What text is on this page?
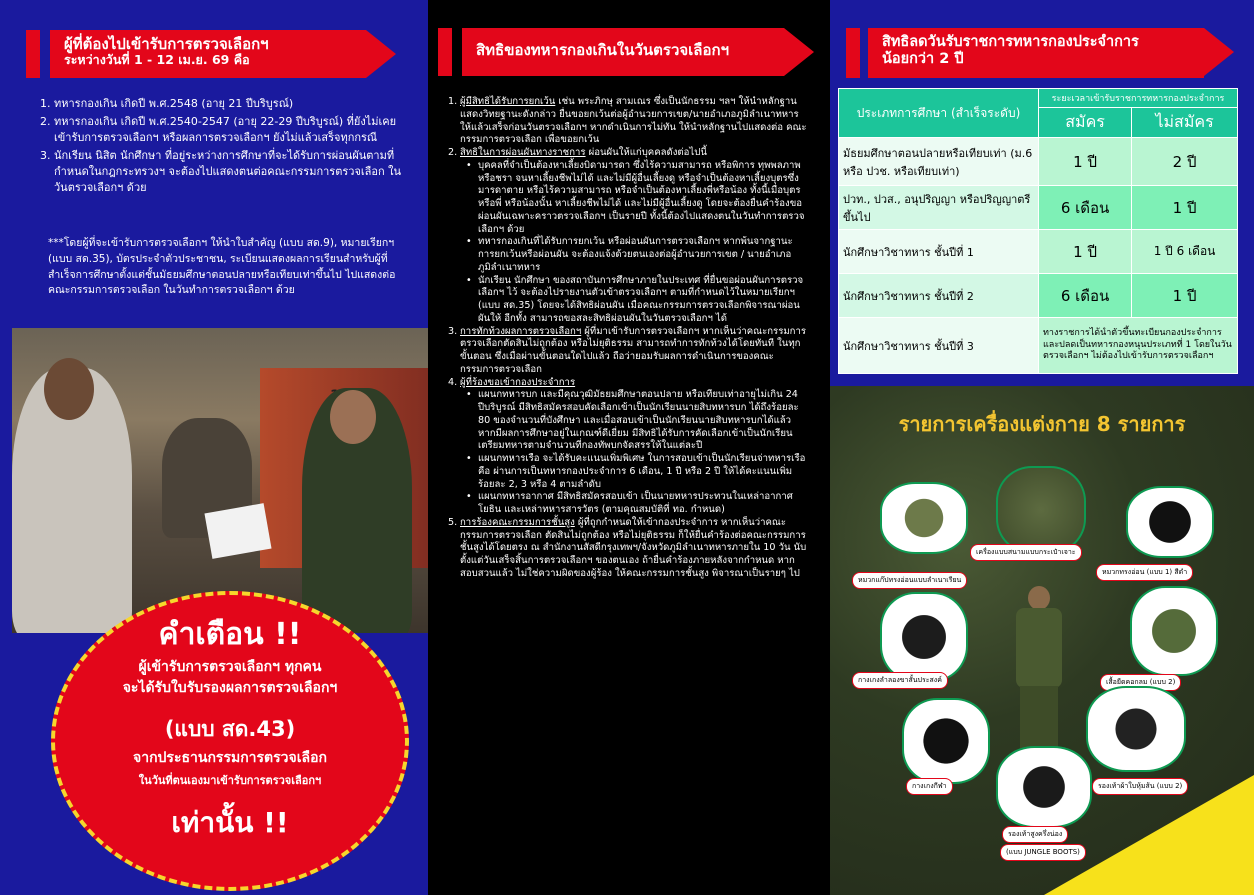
ผู้ที่ต้องไปเข้ารับการตรวจเลือกฯ
ระหว่างวันที่ 1 - 12 เม.ย. 69 คือ
1. ทหารกองเกิน เกิดปี พ.ศ.2548 (อายุ 21 ปีบริบูรณ์)
2. ทหารกองเกิน เกิดปี พ.ศ.2540-2547 (อายุ 22-29 ปีบริบูรณ์) ที่ยังไม่เคยเข้ารับการตรวจเลือกฯ หรือผลการตรวจเลือกฯ ยังไม่แล้วเสร็จทุกกรณี
3. นักเรียน นิสิต นักศึกษา ที่อยู่ระหว่างการศึกษาที่จะได้รับการผ่อนผันตามที่กำหนดในกฎกระทรวงฯ จะต้องไปแสดงตนต่อคณะกรรมการตรวจเลือก ในวันตรวจเลือกฯ ด้วย
***โดยผู้ที่จะเข้ารับการตรวจเลือกฯ ให้นำใบสำคัญ (แบบ สด.9), หมายเรียกฯ (แบบ สด.35), บัตรประจำตัวประชาชน, ระเบียนแสดงผลการเรียนสำหรับผู้ที่สำเร็จการศึกษาตั้งแต่ชั้นมัธยมศึกษาตอนปลายหรือเทียบเท่าขึ้นไป ไปแสดงต่อคณะกรรมการตรวจเลือก ในวันทำการตรวจเลือกฯ ด้วย
คำเตือน !!
ผู้เข้ารับการตรวจเลือกฯ ทุกคน
จะได้รับใบรับรองผลการตรวจเลือกฯ
(แบบ สด.43)
จากประธานกรรมการตรวจเลือก
ในวันที่ตนเองมาเข้ารับการตรวจเลือกฯ
เท่านั้น !!
สิทธิของทหารกองเกินในวันตรวจเลือกฯ
1. ผู้มีสิทธิได้รับการยกเว้น เช่น พระภิกษุ สามเณร ซึ่งเป็นนักธรรม ฯลฯ ให้นำหลักฐานแสดงวิทยฐานะดังกล่าว ยื่นขอยกเว้นต่อผู้อำนวยการเขต/นายอำเภอภูมิลำเนาทหาร ให้แล้วเสร็จก่อนวันตรวจเลือกฯ หากดำเนินการไม่ทัน ให้นำหลักฐานไปแสดงต่อ คณะกรรมการตรวจเลือก เพื่อขอยกเว้น
2. สิทธิในการผ่อนผันทางราชการ ผ่อนผันให้แก่บุคคลดังต่อไปนี้
• บุคคลที่จำเป็นต้องหาเลี้ยงบิดามารดา ซึ่งไร้ความสามารถ หรือพิการ ทุพพลภาพ หรือชรา จนหาเลี้ยงชีพไม่ได้ และไม่มีผู้อื่นเลี้ยงดู หรือจำเป็นต้องหาเลี้ยงบุตรซึ่งมารดาตาย หรือไร้ความสามารถ หรือจำเป็นต้องหาเลี้ยงพี่หรือน้อง ทั้งนี้เมื่อบุตร หรือพี่ หรือน้องนั้น หาเลี้ยงชีพไม่ได้ และไม่มีผู้อื่นเลี้ยงดู โดยจะต้องยื่นคำร้องขอผ่อนผันเฉพาะคราวตรวจเลือกฯ เป็นรายปี ทั้งนี้ต้องไปแสดงตนในวันทำการตรวจเลือกฯ ด้วย
• ทหารกองเกินที่ได้รับการยกเว้น หรือผ่อนผันการตรวจเลือกฯ หากพ้นจากฐานะ การยกเว้นหรือผ่อนผัน จะต้องแจ้งด้วยตนเองต่อผู้อำนวยการเขต / นายอำเภอภูมิลำเนาทหาร
• นักเรียน นักศึกษา ของสถาบันการศึกษาภายในประเทศ ที่ยื่นขอผ่อนผันการตรวจเลือกฯ ไว้ จะต้องไปรายงานตัวเข้าตรวจเลือกฯ ตามที่กำหนดไว้ในหมายเรียกฯ (แบบ สด.35) โดยจะได้สิทธิผ่อนผัน เมื่อคณะกรรมการตรวจเลือกพิจารณาผ่อนผันให้ อีกทั้ง สามารถขอสละสิทธิผ่อนผันในวันตรวจเลือกฯ ได้
3. การทักท้วงผลการตรวจเลือกฯ ผู้ที่มาเข้ารับการตรวจเลือกฯ หากเห็นว่าคณะกรรมการตรวจเลือกตัดสินไม่ถูกต้อง หรือไม่ยุติธรรม สามารถทำการทักท้วงได้โดยทันที ในทุกขั้นตอน ซึ่งเมื่อผ่านขั้นตอนใดไปแล้ว ถือว่ายอมรับผลการดำเนินการของคณะกรรมการตรวจเลือก
4. ผู้ที่ร้องขอเข้ากองประจำการ
• แผนกทหารบก และมีคุณวุฒิมัธยมศึกษาตอนปลาย หรือเทียบเท่าอายุไม่เกิน 24 ปีบริบูรณ์ มีสิทธิสมัครสอบคัดเลือกเข้าเป็นนักเรียนนายสิบทหารบก ได้ถึงร้อยละ 80 ของจำนวนที่บังศึกษา และเมื่อสอบเข้าเป็นนักเรียนนายสิบทหารบกได้แล้ว หากมีผลการศึกษาอยู่ในเกณฑ์ดีเยี่ยม มีสิทธิได้รับการคัดเลือกเข้าเป็นนักเรียนเตรียมทหารตามจำนวนที่กองทัพบกจัดสรรให้ในแต่ละปี
• แผนกทหารเรือ จะได้รับคะแนนเพิ่มพิเศษ ในการสอบเข้าเป็นนักเรียนจ่าทหารเรือ คือ ผ่านการเป็นทหารกองประจำการ 6 เดือน, 1 ปี หรือ 2 ปี ให้ได้คะแนนเพิ่มร้อยละ 2, 3 หรือ 4 ตามลำดับ
• แผนกทหารอากาศ มีสิทธิสมัครสอบเข้า เป็นนายทหารประทวนในเหล่าอากาศโยธิน และเหล่าทหารสารวัตร (ตามคุณสมบัติที่ ทอ. กำหนด)
5. การร้องคณะกรรมการชั้นสูง ผู้ที่ถูกกำหนดให้เข้ากองประจำการ หากเห็นว่าคณะกรรมการตรวจเลือก ตัดสินไม่ถูกต้อง หรือไม่ยุติธรรม ก็ให้ยื่นคำร้องต่อคณะกรรมการชั้นสูงได้โดยตรง ณ สำนักงานสัสดีกรุงเทพฯ/จังหวัดภูมิลำเนาทหารภายใน 10 วัน นับตั้งแต่วันเสร็จสิ้นการตรวจเลือกฯ ของตนเอง ถ้ายื่นคำร้องภายหลังจากกำหนด หากสอบสวนแล้ว ไม่ใช่ความผิดของผู้ร้อง ให้คณะกรรมการชั้นสูง พิจารณาเป็นรายๆ ไป
สิทธิลดวันรับราชการทหารกองประจำการ
น้อยกว่า 2 ปี
ประเภทการศึกษา (สำเร็จระดับ)	ระยะเวลาเข้ารับราชการทหารกองประจำการ	
	สมัคร	ไม่สมัคร
มัธยมศึกษาตอนปลายหรือเทียบเท่า (ม.6 หรือ ปวช. หรือเทียบเท่า)	1 ปี	2 ปี
ปวท., ปวส., อนุปริญญา หรือปริญญาตรีขึ้นไป	6 เดือน	1 ปี
นักศึกษาวิชาทหาร ชั้นปีที่ 1	1 ปี	1 ปี 6 เดือน
นักศึกษาวิชาทหาร ชั้นปีที่ 2	6 เดือน	1 ปี
นักศึกษาวิชาทหาร ชั้นปีที่ 3	ทางราชการได้นำตัวขึ้นทะเบียนกองประจำการ และปลดเป็นทหารกองหนุนประเภทที่ 1 โดยในวันตรวจเลือกฯ ไม่ต้องไปเข้ารับการตรวจเลือกฯ	
รายการเครื่องแต่งกาย 8 รายการ
เครื่องแบบสนามแบบกระเป๋าเจาะ
หมวกแก๊ปทรงอ่อนแบบลำเนาเรียน
หมวกทรงอ่อน (แบบ 1) สีดำ
กางเกงลำลองขาสั้นประสงค์	เสื้อยืดคอกลม (แบบ 2)
กางเกงกีฬา	รองเท้าผ้าใบหุ้มส้น (แบบ 2)
รองเท้าสูงครึ่งน่อง
(แบบ JUNGLE BOOTS)
